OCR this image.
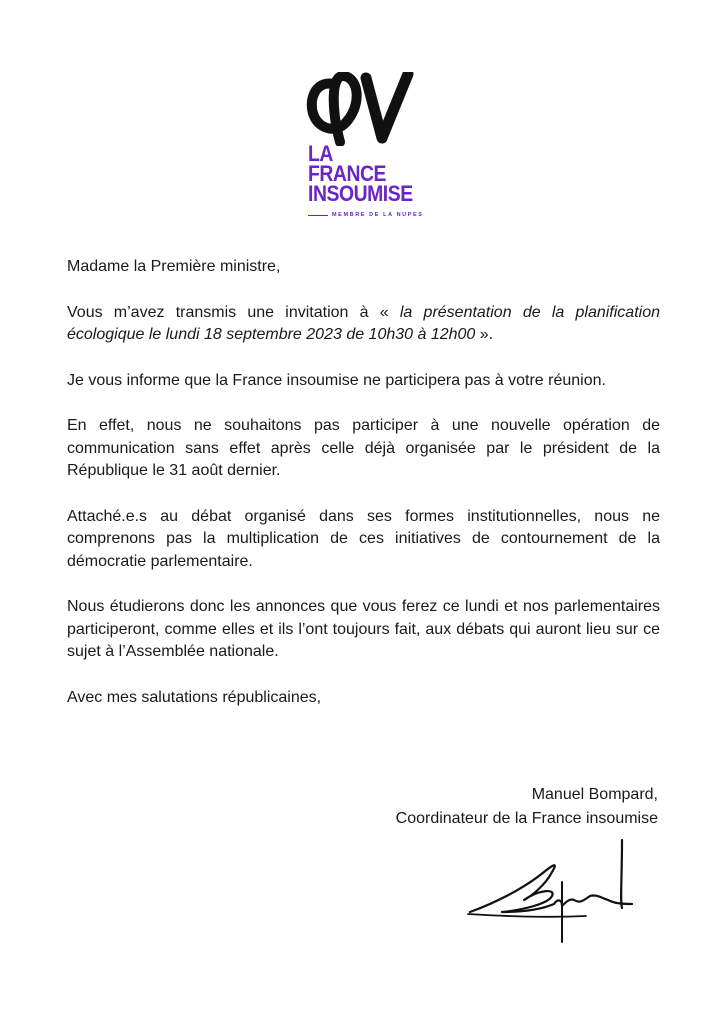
LA
FRANCE
INSOUMISE
MEMBRE DE LA NUPES

Madame la Première ministre,

Vous m’avez transmis une invitation à « la présentation de la planification écologique le lundi 18 septembre 2023 de 10h30 à 12h00 ».

Je vous informe que la France insoumise ne participera pas à votre réunion.

En effet, nous ne souhaitons pas participer à une nouvelle opération de communication sans effet après celle déjà organisée par le président de la République le 31 août dernier.

Attaché.e.s au débat organisé dans ses formes institutionnelles, nous ne comprenons pas la multiplication de ces initiatives de contournement de la démocratie parlementaire.

Nous étudierons donc les annonces que vous ferez ce lundi et nos parlementaires participeront, comme elles et ils l’ont toujours fait, aux débats qui auront lieu sur ce sujet à l’Assemblée nationale.

Avec mes salutations républicaines,

Manuel Bompard,
Coordinateur de la France insoumise
